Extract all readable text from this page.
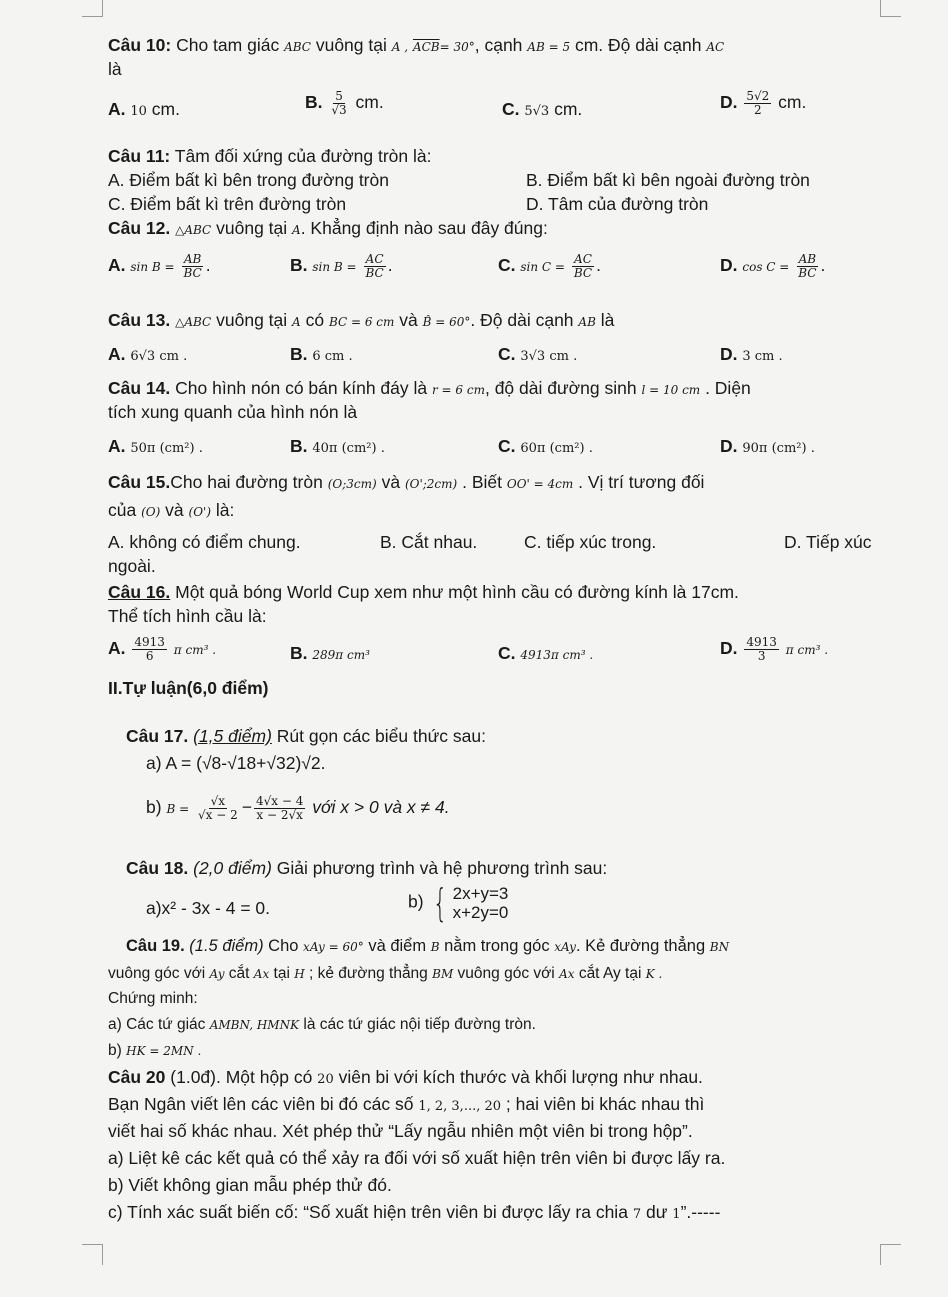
Câu 10: Cho tam giác ABC vuông tại A , $\overline{ACB}= 30^\circ$, cạnh AB = 5 cm. Độ dài cạnh AC
là
A. 10 cm.	B. $\frac{5}{√3}$ cm.	C. 5√3 cm.	D. $\frac{5√2}{2}$ cm.
Câu 11: Tâm đối xứng của đường tròn là:
A. Điểm bất kì bên trong đường tròn	B. Điểm bất kì bên ngoài đường tròn
C. Điểm bất kì trên đường tròn	D. Tâm của đường tròn
Câu 12. △ABC vuông tại A. Khẳng định nào sau đây đúng:
A. $\sin B = \frac{AB}{BC}$ .	B. $\sin B = \frac{AC}{BC}$ .	C. $\sin C = \frac{AC}{BC}$ .	D. $\cos C = \frac{AB}{BC}$ .
Câu 13. △ABC vuông tại A có BC = 6 cm và B̂ = 60°. Độ dài cạnh AB là
A. 6√3 cm .	B. 6 cm .	C. 3√3 cm .	D. 3 cm .
Câu 14. Cho hình nón có bán kính đáy là r = 6 cm, độ dài đường sinh l = 10 cm . Diện
tích xung quanh của hình nón là
A. 50π (cm²) .	B. 40π (cm²) .	C. 60π (cm²) .	D. 90π (cm²) .
Câu 15.Cho hai đường tròn (O;3cm) và (O';2cm) . Biết OO' = 4cm . Vị trí tương đối
của (O) và (O') là:
A. không có điểm chung.	B. Cắt nhau.	C. tiếp xúc trong.	D. Tiếp xúc
ngoài.
Câu 16. Một quả bóng World Cup xem như một hình cầu có đường kính là 17cm.
Thể tích hình cầu là:
A. $\frac{4913}{6}$ π cm³ .	B. 289π cm³	C. 4913π cm³ .	D. $\frac{4913}{3}$ π cm³ .
II.Tự luận(6,0 điểm)
Câu 17. (1,5 điểm) Rút gọn các biểu thức sau:
a) A = (√8-√18+√32)√2.
b) $B = \frac{√x}{√x - 2} - \frac{4√x - 4}{x - 2√x}$ với x > 0 và x ≠ 4.
Câu 18. (2,0 điểm) Giải phương trình và hệ phương trình sau:
a)x² - 3x - 4 = 0.	b) { 2x+y=3
x+2y=0
Câu 19. (1.5 điểm) Cho xAy = 60° và điểm B nằm trong góc xAy. Kẻ đường thẳng BN
vuông góc với Ay cắt Ax tại H ; kẻ đường thẳng BM vuông góc với Ax cắt Ay tại K .
Chứng minh:
a) Các tứ giác AMBN, HMNK là các tứ giác nội tiếp đường tròn.
b) HK = 2MN .
Câu 20 (1.0đ). Một hộp có 20 viên bi với kích thước và khối lượng như nhau.
Bạn Ngân viết lên các viên bi đó các số 1, 2, 3,..., 20 ; hai viên bi khác nhau thì
viết hai số khác nhau. Xét phép thử “Lấy ngẫu nhiên một viên bi trong hộp”.
a) Liệt kê các kết quả có thể xảy ra đối với số xuất hiện trên viên bi được lấy ra.
b) Viết không gian mẫu phép thử đó.
c) Tính xác suất biến cố: “Số xuất hiện trên viên bi được lấy ra chia 7 dư 1”.-----
